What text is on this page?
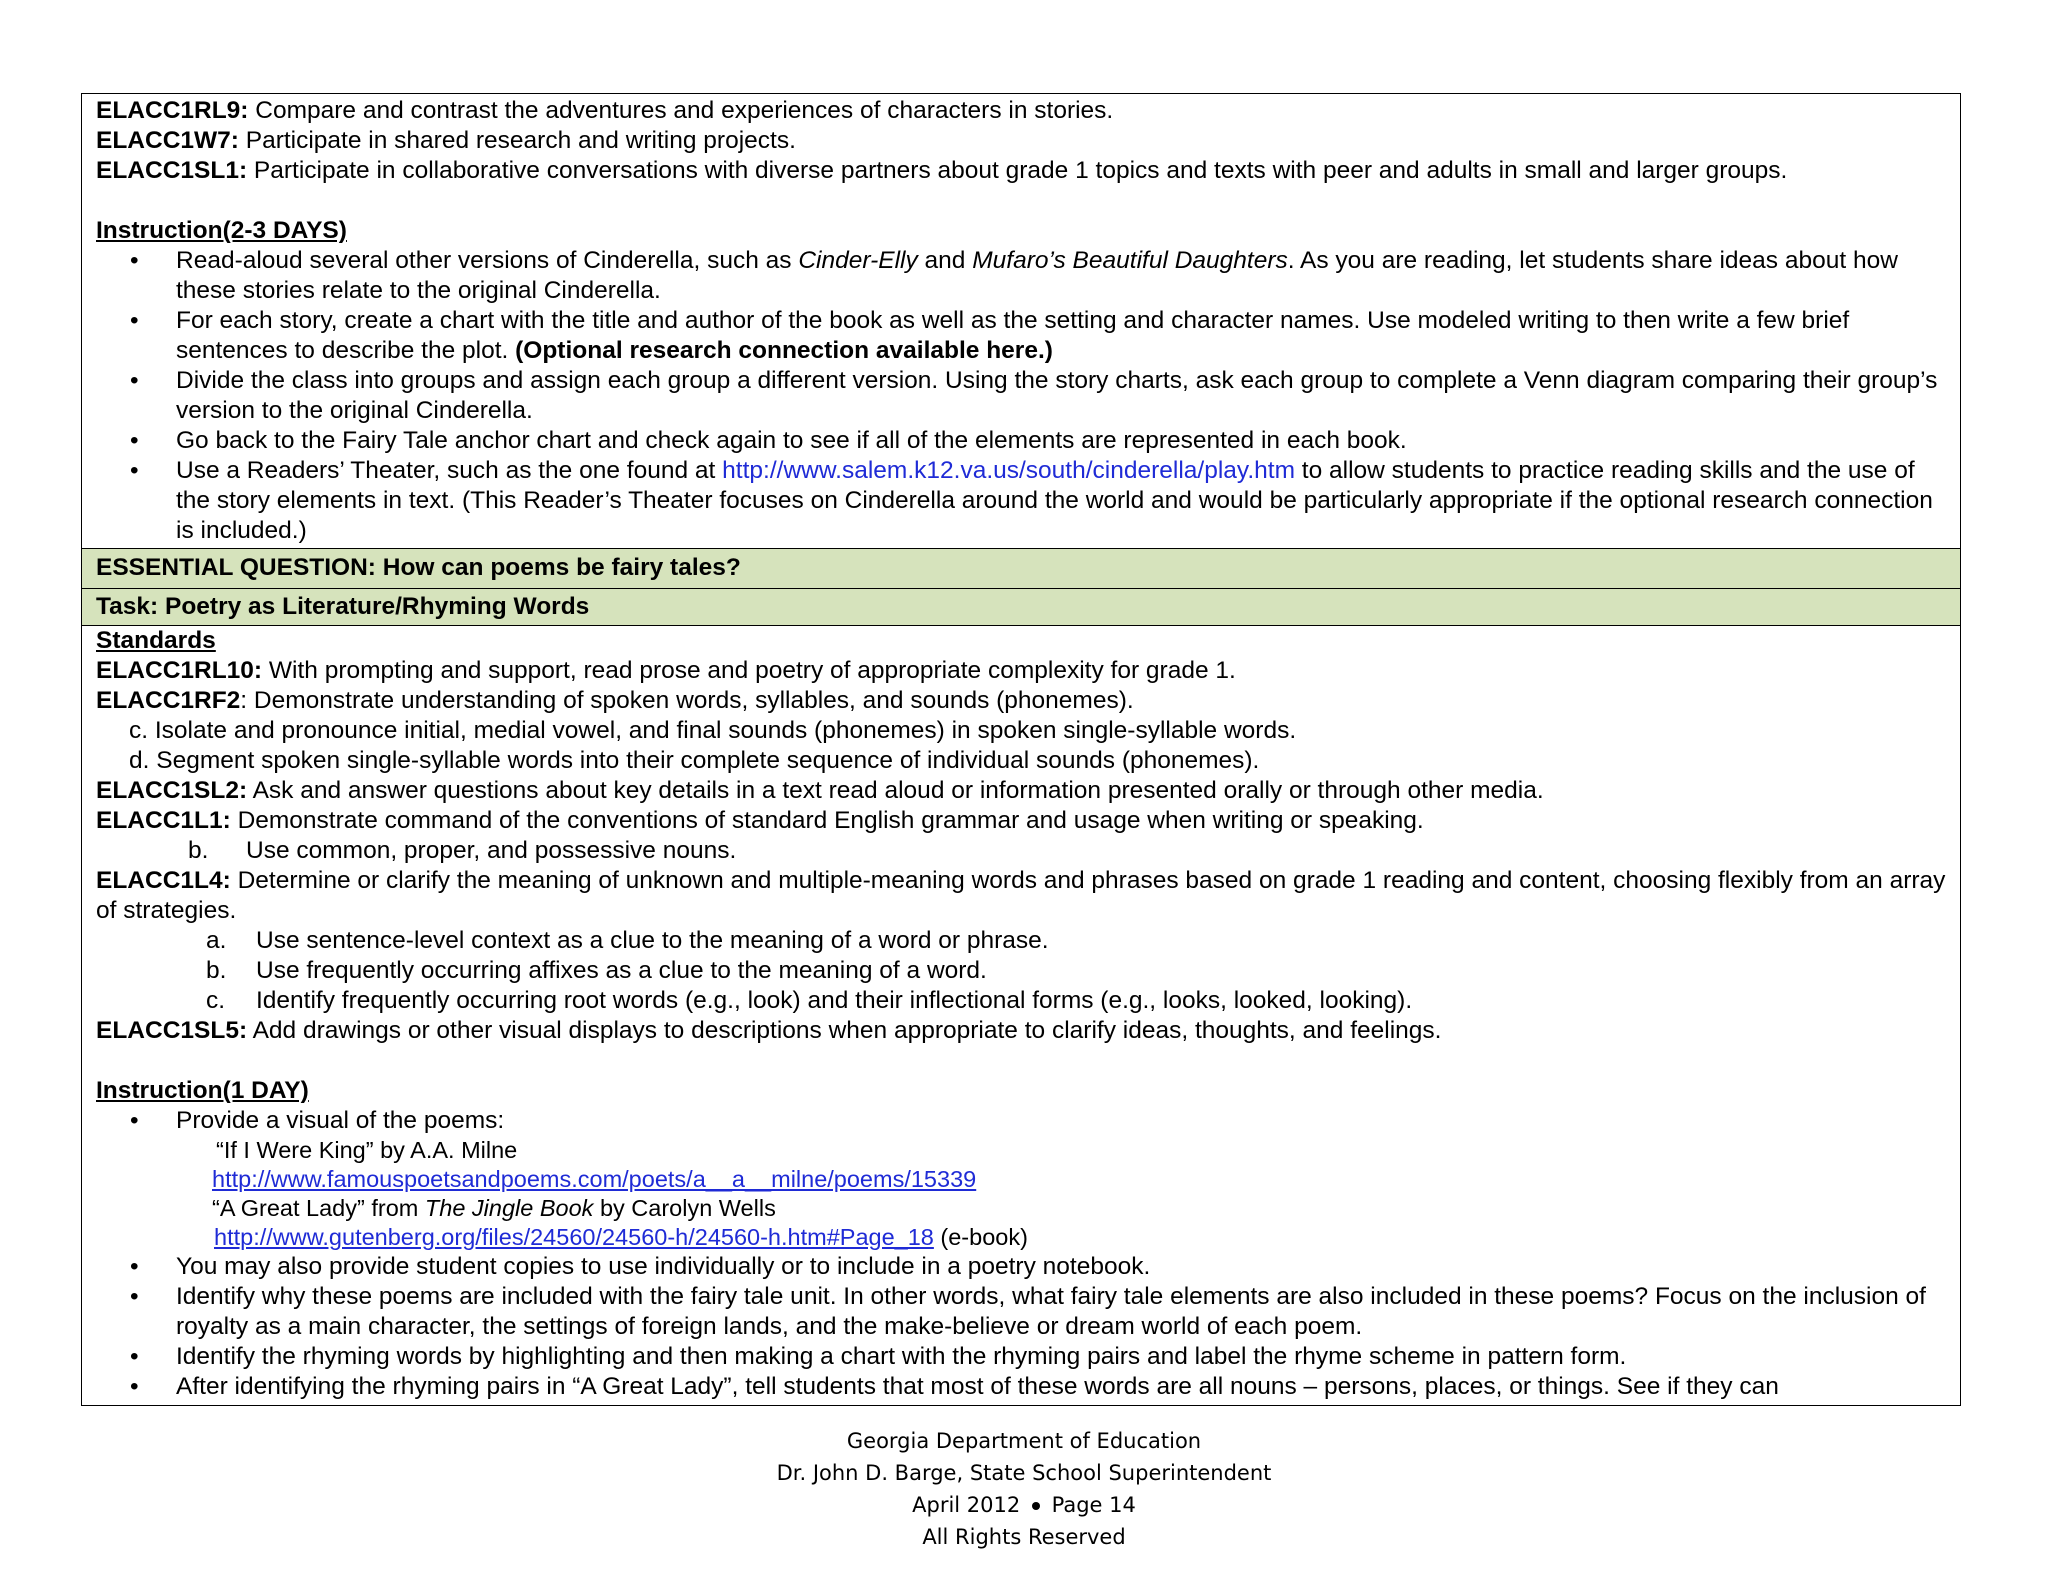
ELACC1RL9: Compare and contrast the adventures and experiences of characters in stories.
ELACC1W7: Participate in shared research and writing projects.
ELACC1SL1: Participate in collaborative conversations with diverse partners about grade 1 topics and texts with peer and adults in small and larger groups.
Instruction(2-3 DAYS)
• Read-aloud several other versions of Cinderella, such as Cinder-Elly and Mufaro’s Beautiful Daughters. As you are reading, let students share ideas about how these stories relate to the original Cinderella.
• For each story, create a chart with the title and author of the book as well as the setting and character names. Use modeled writing to then write a few brief sentences to describe the plot. (Optional research connection available here.)
• Divide the class into groups and assign each group a different version. Using the story charts, ask each group to complete a Venn diagram comparing their group’s version to the original Cinderella.
• Go back to the Fairy Tale anchor chart and check again to see if all of the elements are represented in each book.
• Use a Readers’ Theater, such as the one found at http://www.salem.k12.va.us/south/cinderella/play.htm to allow students to practice reading skills and the use of the story elements in text. (This Reader’s Theater focuses on Cinderella around the world and would be particularly appropriate if the optional research connection is included.)
ESSENTIAL QUESTION: How can poems be fairy tales?
Task: Poetry as Literature/Rhyming Words
Standards
ELACC1RL10: With prompting and support, read prose and poetry of appropriate complexity for grade 1.
ELACC1RF2: Demonstrate understanding of spoken words, syllables, and sounds (phonemes).
c. Isolate and pronounce initial, medial vowel, and final sounds (phonemes) in spoken single-syllable words.
d. Segment spoken single-syllable words into their complete sequence of individual sounds (phonemes).
ELACC1SL2: Ask and answer questions about key details in a text read aloud or information presented orally or through other media.
ELACC1L1: Demonstrate command of the conventions of standard English grammar and usage when writing or speaking.
b.	Use common, proper, and possessive nouns.
ELACC1L4: Determine or clarify the meaning of unknown and multiple-meaning words and phrases based on grade 1 reading and content, choosing flexibly from an array of strategies.
a.	Use sentence-level context as a clue to the meaning of a word or phrase.
b.	Use frequently occurring affixes as a clue to the meaning of a word.
c.	Identify frequently occurring root words (e.g., look) and their inflectional forms (e.g., looks, looked, looking).
ELACC1SL5: Add drawings or other visual displays to descriptions when appropriate to clarify ideas, thoughts, and feelings.
Instruction(1 DAY)
• Provide a visual of the poems:
“If I Were King” by A.A. Milne
http://www.famouspoetsandpoems.com/poets/a__a__milne/poems/15339
“A Great Lady” from The Jingle Book by Carolyn Wells
http://www.gutenberg.org/files/24560/24560-h/24560-h.htm#Page_18 (e-book)
• You may also provide student copies to use individually or to include in a poetry notebook.
• Identify why these poems are included with the fairy tale unit. In other words, what fairy tale elements are also included in these poems? Focus on the inclusion of royalty as a main character, the settings of foreign lands, and the make-believe or dream world of each poem.
• Identify the rhyming words by highlighting and then making a chart with the rhyming pairs and label the rhyme scheme in pattern form.
• After identifying the rhyming pairs in “A Great Lady”, tell students that most of these words are all nouns – persons, places, or things. See if they can
Georgia Department of Education
Dr. John D. Barge, State School Superintendent
April 2012 Page 14
All Rights Reserved
